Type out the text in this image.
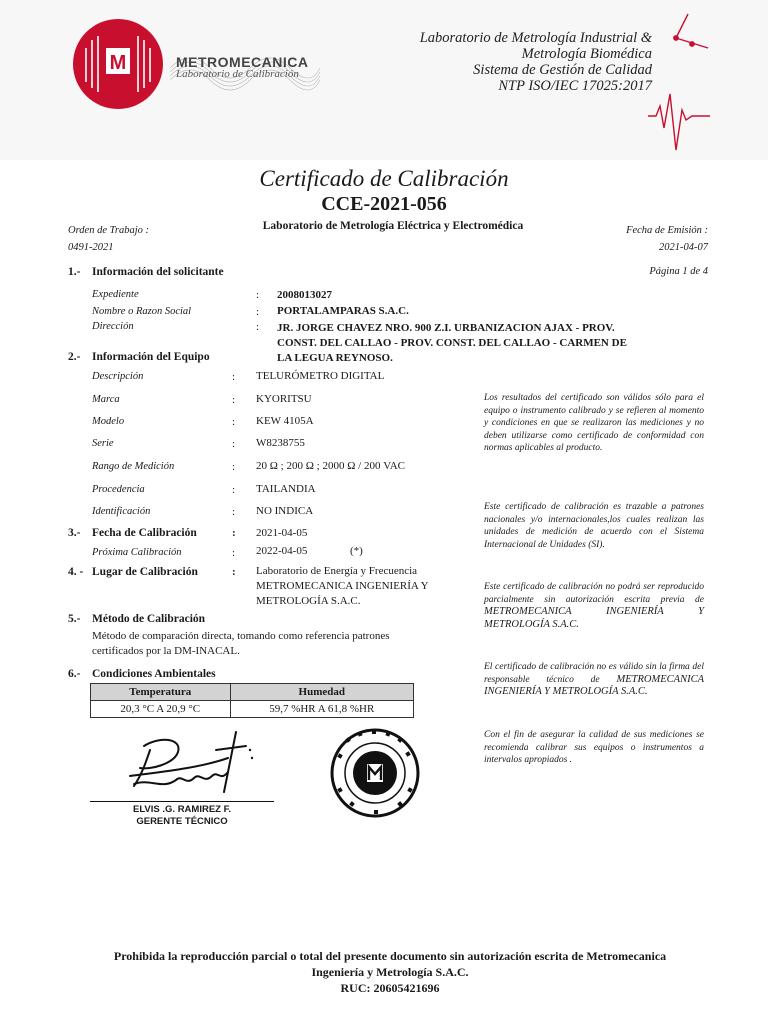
M	METROMECANICA
Laboratorio de Calibración
Laboratorio de Metrología Industrial &
Metrología Biomédica
Sistema de Gestión de Calidad
NTP ISO/IEC 17025:2017
Certificado de Calibración
CCE-2021-056
Laboratorio de Metrología Eléctrica y Electromédica
Orden de Trabajo :
0491-2021
Fecha de Emisión :
2021-04-07
Página 1 de 4
1.- Información del solicitante
Expediente	: 2008013027
Nombre o Razon Social	: PORTALAMPARAS S.A.C.
Dirección	: JR. JORGE CHAVEZ NRO. 900 Z.I. URBANIZACION AJAX - PROV.
CONST. DEL CALLAO - PROV. CONST. DEL CALLAO - CARMEN DE
LA LEGUA REYNOSO.
2.- Información del Equipo
Descripción	: TELURÓMETRO DIGITAL
Marca	: KYORITSU
Modelo	: KEW 4105A
Serie	: W8238755
Rango de Medición	: 20 Ω ; 200 Ω ; 2000 Ω / 200 VAC
Procedencia	: TAILANDIA
Identificación	: NO INDICA
3.- Fecha de Calibración	: 2021-04-05
Próxima Calibración	: 2022-04-05	(*)
4. - Lugar de Calibración	: Laboratorio de Energía y Frecuencia
METROMECANICA INGENIERÍA Y
METROLOGÍA S.A.C.
5.- Método de Calibración
Método de comparación directa, tomando como referencia patrones
certificados por la DM-INACAL.
6.- Condiciones Ambientales
Temperatura	Humedad
20,3 °C A 20,9 °C	59,7 %HR A 61,8 %HR
Los resultados del certificado son válidos sólo para el equipo o instrumento calibrado y se refieren al momento y condiciones en que se realizaron las mediciones y no deben utilizarse como certificado de conformidad con normas aplicables al producto.
Este certificado de calibración es trazable a patrones nacionales y/o internacionales,los cuales realizan las unidades de medición de acuerdo con el Sistema Internacional de Unidades (SI).
Este certificado de calibración no podrá ser reproducido parcialmente sin autorización escrita previa de METROMECANICA INGENIERÍA Y METROLOGÍA S.A.C.
El certificado de calibración no es válido sin la firma del responsable técnico de METROMECANICA INGENIERÍA Y METROLOGÍA S.A.C.
Con el fin de asegurar la calidad de sus mediciones se recomienda calibrar sus equipos o instrumentos a intervalos apropiados .
ELVIS .G. RAMIREZ F.
GERENTE TÉCNICO
Prohibida la reproducción parcial o total del presente documento sin autorización escrita de Metromecanica
Ingeniería y Metrología S.A.C.
RUC: 20605421696
